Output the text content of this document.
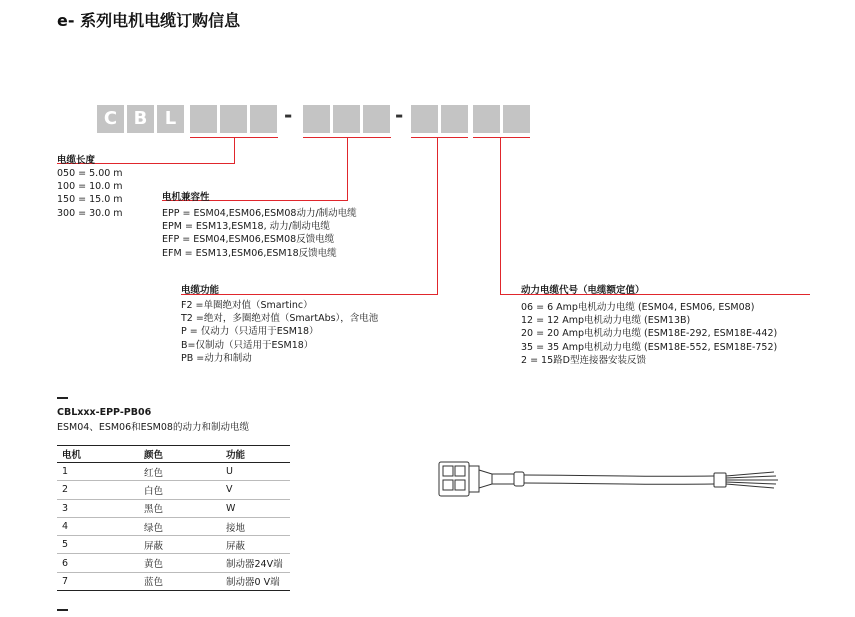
e- 系列电机电缆订购信息
C B L	-	-
电缆长度
050 = 5.00 m
100 = 10.0 m
150 = 15.0 m
300 = 30.0 m
电机兼容性
EPP = ESM04,ESM06,ESM08动力/制动电缆
EPM = ESM13,ESM18, 动力/制动电缆
EFP = ESM04,ESM06,ESM08反馈电缆
EFM = ESM13,ESM06,ESM18反馈电缆
电缆功能
F2 =单圈绝对值（Smartinc）
T2 =绝对，多圈绝对值（SmartAbs），含电池
P = 仅动力（只适用于ESM18）
B=仅制动（只适用于ESM18）
PB =动力和制动
动力电缆代号（电缆额定值）
06 = 6 Amp电机动力电缆 (ESM04, ESM06, ESM08)
12 = 12 Amp电机动力电缆 (ESM13B)
20 = 20 Amp电机动力电缆 (ESM18E-292, ESM18E-442)
35 = 35 Amp电机动力电缆 (ESM18E-552, ESM18E-752)
2 = 15路D型连接器安装反馈
CBLxxx-EPP-PB06
ESM04、ESM06和ESM08的动力和制动电缆
电机	颜色	功能
1	红色	U
2	白色	V
3	黑色	W
4	绿色	接地
5	屏蔽	屏蔽
6	黄色	制动器24V端
7	蓝色	制动器0 V端
